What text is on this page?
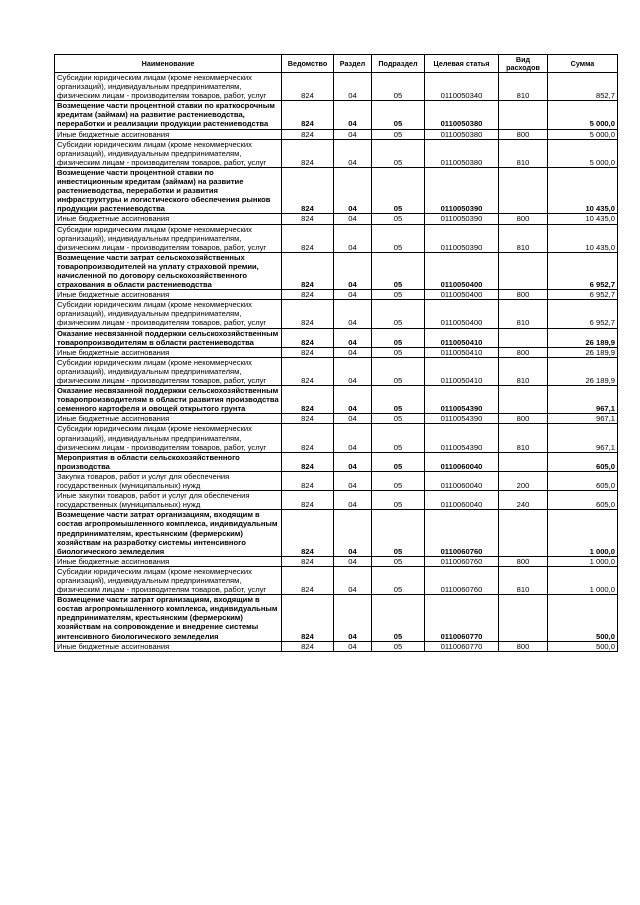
Наименование	Ведомство	Раздел	Подраздел	Целевая статья	Вид расходов	Сумма
Субсидии юридическим лицам (кроме некоммерческих организаций), индивидуальным предпринимателям, физическим лицам - производителям товаров, работ, услуг	824	04	05	0110050340	810	852,7
Возмещение части процентной ставки по краткосрочным кредитам (займам) на развитие растениеводства, переработки и реализации продукции растениеводства	824	04	05	0110050380		5 000,0
Иные бюджетные ассигнования	824	04	05	0110050380	800	5 000,0
Субсидии юридическим лицам (кроме некоммерческих организаций), индивидуальным предпринимателям, физическим лицам - производителям товаров, работ, услуг	824	04	05	0110050380	810	5 000,0
Возмещение части процентной ставки по инвестиционным кредитам (займам) на развитие растениеводства, переработки и развития инфраструктуры и логистического обеспечения рынков продукции растениеводства	824	04	05	0110050390		10 435,0
Иные бюджетные ассигнования	824	04	05	0110050390	800	10 435,0
Субсидии юридическим лицам (кроме некоммерческих организаций), индивидуальным предпринимателям, физическим лицам - производителям товаров, работ, услуг	824	04	05	0110050390	810	10 435,0
Возмещение части затрат сельскохозяйственных товаропроизводителей на уплату страховой премии, начисленной по договору сельскохозяйственного страхования в области растениеводства	824	04	05	0110050400		6 952,7
Иные бюджетные ассигнования	824	04	05	0110050400	800	6 952,7
Субсидии юридическим лицам (кроме некоммерческих организаций), индивидуальным предпринимателям, физическим лицам - производителям товаров, работ, услуг	824	04	05	0110050400	810	6 952,7
Оказание несвязанной поддержки сельскохозяйственным товаропроизводителям в области растениеводства	824	04	05	0110050410		26 189,9
Иные бюджетные ассигнования	824	04	05	0110050410	800	26 189,9
Субсидии юридическим лицам (кроме некоммерческих организаций), индивидуальным предпринимателям, физическим лицам - производителям товаров, работ, услуг	824	04	05	0110050410	810	26 189,9
Оказание несвязанной поддержки сельскохозяйственным товаропроизводителям в области развития производства семенного картофеля и овощей открытого грунта	824	04	05	0110054390		967,1
Иные бюджетные ассигнования	824	04	05	0110054390	800	967,1
Субсидии юридическим лицам (кроме некоммерческих организаций), индивидуальным предпринимателям, физическим лицам - производителям товаров, работ, услуг	824	04	05	0110054390	810	967,1
Мероприятия в области сельскохозяйственного производства	824	04	05	0110060040		605,0
Закупка товаров, работ и услуг для обеспечения государственных (муниципальных) нужд	824	04	05	0110060040	200	605,0
Иные закупки товаров, работ и услуг для обеспечения государственных (муниципальных) нужд	824	04	05	0110060040	240	605,0
Возмещение части затрат организациям, входящим в состав агропромышленного комплекса, индивидуальным предпринимателям, крестьянским (фермерским) хозяйствам на разработку системы интенсивного биологического земледелия	824	04	05	0110060760		1 000,0
Иные бюджетные ассигнования	824	04	05	0110060760	800	1 000,0
Субсидии юридическим лицам (кроме некоммерческих организаций), индивидуальным предпринимателям, физическим лицам - производителям товаров, работ, услуг	824	04	05	0110060760	810	1 000,0
Возмещение части затрат организациям, входящим в состав агропромышленного комплекса, индивидуальным предпринимателям, крестьянским (фермерским) хозяйствам на сопровождение и внедрение системы интенсивного биологического земледелия	824	04	05	0110060770		500,0
Иные бюджетные ассигнования	824	04	05	0110060770	800	500,0
